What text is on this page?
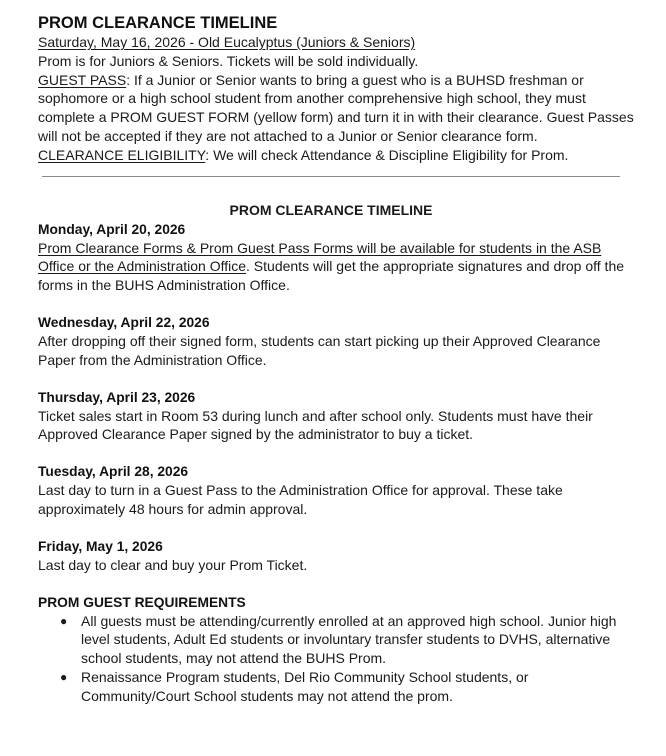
PROM CLEARANCE TIMELINE

Saturday, May 16, 2026 - Old Eucalyptus (Juniors & Seniors)

Prom is for Juniors & Seniors. Tickets will be sold individually.

GUEST PASS: If a Junior or Senior wants to bring a guest who is a BUHSD freshman or sophomore or a high school student from another comprehensive high school, they must complete a PROM GUEST FORM (yellow form) and turn it in with their clearance. Guest Passes will not be accepted if they are not attached to a Junior or Senior clearance form.

CLEARANCE ELIGIBILITY: We will check Attendance & Discipline Eligibility for Prom.

PROM CLEARANCE TIMELINE
Monday, April 20, 2026

Prom Clearance Forms & Prom Guest Pass Forms will be available for students in the ASB Office or the Administration Office. Students will get the appropriate signatures and drop off the forms in the BUHS Administration Office.

Wednesday, April 22, 2026

After dropping off their signed form, students can start picking up their Approved Clearance Paper from the Administration Office.

Thursday, April 23, 2026

Ticket sales start in Room 53 during lunch and after school only. Students must have their Approved Clearance Paper signed by the administrator to buy a ticket.

Tuesday, April 28, 2026

Last day to turn in a Guest Pass to the Administration Office for approval. These take approximately 48 hours for admin approval.

Friday, May 1, 2026

Last day to clear and buy your Prom Ticket.

PROM GUEST REQUIREMENTS
● All guests must be attending/currently enrolled at an approved high school. Junior high level students, Adult Ed students or involuntary transfer students to DVHS, alternative school students, may not attend the BUHS Prom.
● Renaissance Program students, Del Rio Community School students, or Community/Court School students may not attend the prom.
